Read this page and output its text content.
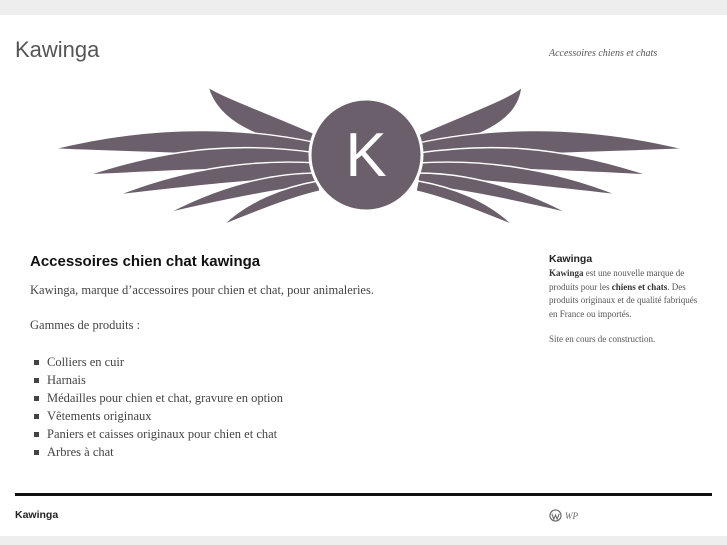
Kawinga	Accessoires chiens et chats
K
Accessoires chien chat kawinga

Kawinga, marque d’accessoires pour chien et chat, pour animaleries.

Gammes de produits :

Colliers en cuir
Harnais
Médailles pour chien et chat, gravure en option
Vêtements originaux
Paniers et caisses originaux pour chien et chat
Arbres à chat
Kawinga
Kawinga est une nouvelle marque de produits pour les chiens et chats. Des produits originaux et de qualité fabriqués en France ou importés.
Site en cours de construction.
Kawinga	WP
